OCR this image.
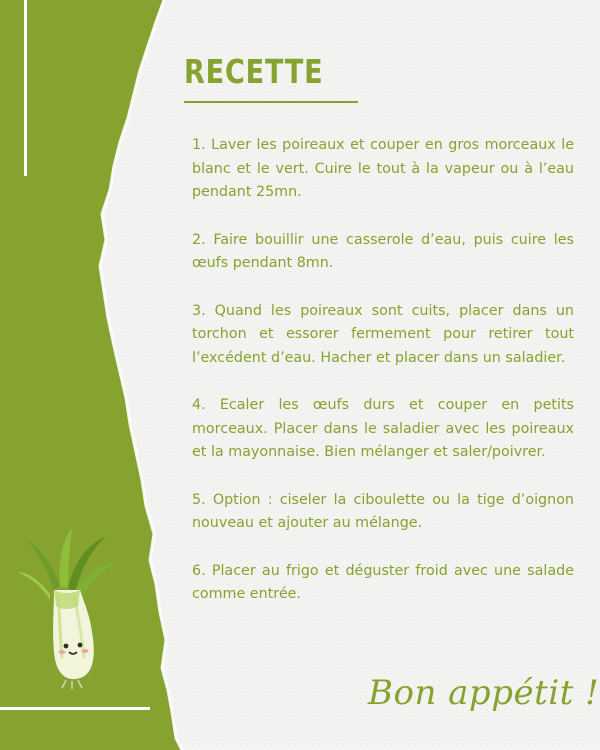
RECETTE
1. Laver les poireaux et couper en gros morceaux le blanc et le vert. Cuire le tout à la vapeur ou à l’eau pendant 25mn.
2. Faire bouillir une casserole d’eau, puis cuire les œufs pendant 8mn.
3. Quand les poireaux sont cuits, placer dans un torchon et essorer fermement pour retirer tout l’excédent d’eau. Hacher et placer dans un saladier.
4. Ecaler les œufs durs et couper en petits morceaux. Placer dans le saladier avec les poireaux et la mayonnaise. Bien mélanger et saler/poivrer.
5. Option : ciseler la ciboulette ou la tige d’oignon nouveau et ajouter au mélange.
6. Placer au frigo et déguster froid avec une salade comme entrée.
Bon appétit !
